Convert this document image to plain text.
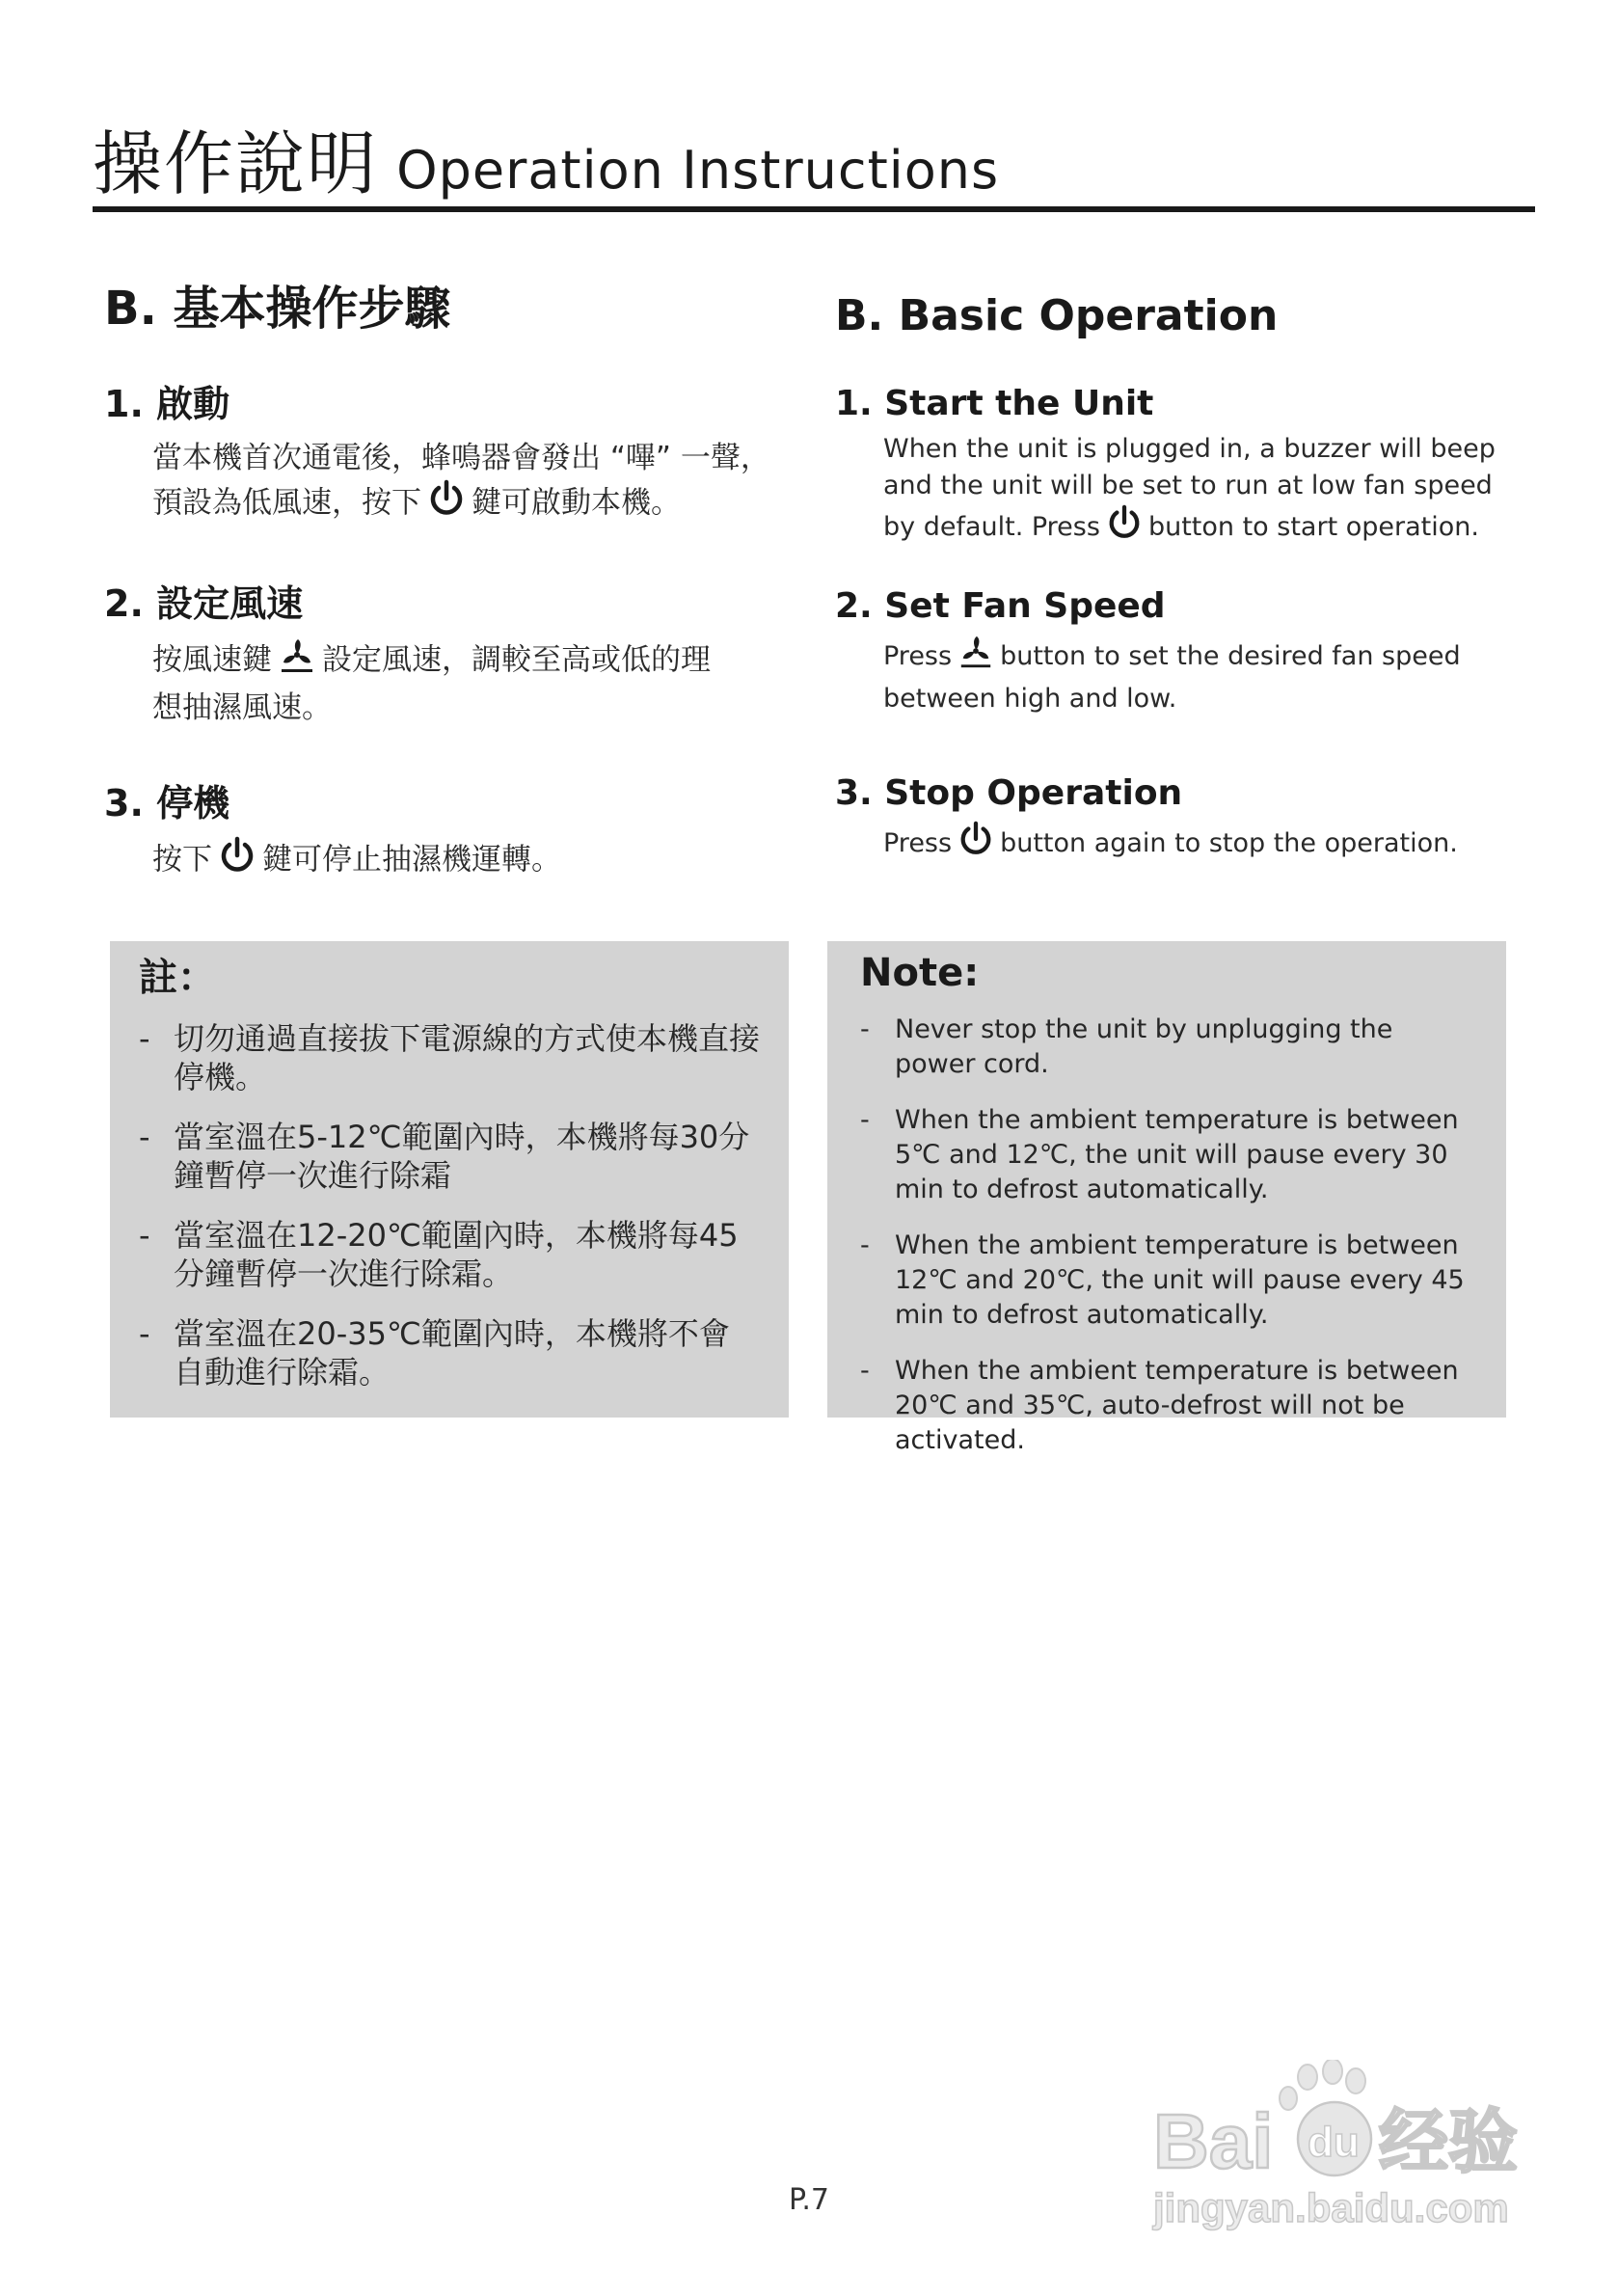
操作說明 Operation Instructions
B. 基本操作步驟
1. 啟動

當本機首次通電後，蜂鳴器會發出 “嗶” 一聲，
預設為低風速，按下 鍵可啟動本機。

2. 設定風速

按風速鍵 設定風速，調較至高或低的理
想抽濕風速。

3. 停機

按下 鍵可停止抽濕機運轉。

B. Basic Operation
1. Start the Unit

When the unit is plugged in, a buzzer will beep
and the unit will be set to run at low fan speed
by default. Press button to start operation.

2. Set Fan Speed

Press button to set the desired fan speed
between high and low.

3. Stop Operation

Press button again to stop the operation.

註：
- 切勿通過直接拔下電源線的方式使本機直接停機。
- 當室溫在5-12℃範圍內時，本機將每30分鐘暫停一次進行除霜
- 當室溫在12-20℃範圍內時，本機將每45分鐘暫停一次進行除霜。
- 當室溫在20-35℃範圍內時，本機將不會自動進行除霜。
Note:
- Never stop the unit by unplugging the power cord.
- When the ambient temperature is between 5℃ and 12℃, the unit will pause every 30 min to defrost automatically.
- When the ambient temperature is between 12℃ and 20℃, the unit will pause every 45 min to defrost automatically.
- When the ambient temperature is between 20℃ and 35℃, auto-defrost will not be activated.
P.7
Bai du 经验
jingyan.baidu.com
